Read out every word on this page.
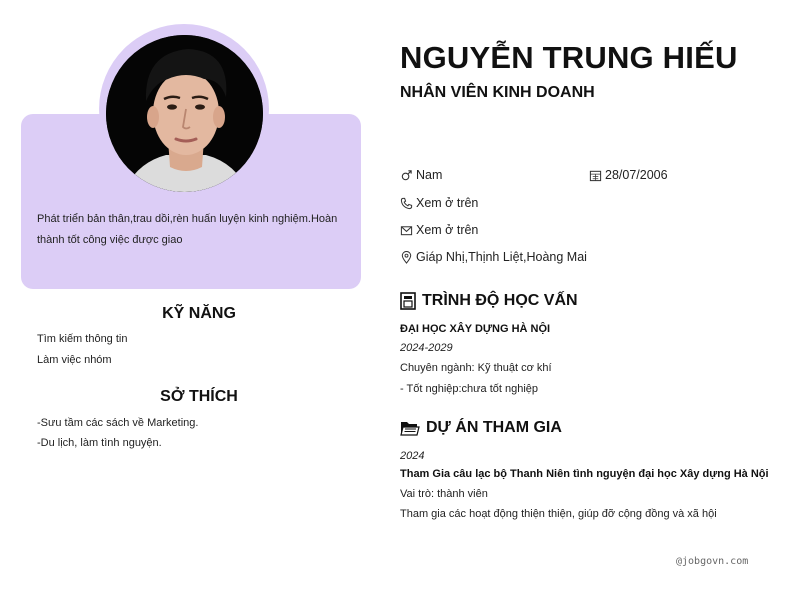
Phát triển bản thân,trau dồi,rèn huấn luyện kinh nghiệm.Hoàn thành tốt công việc được giao
KỸ NĂNG
Tìm kiếm thông tin
Làm việc nhóm
SỞ THÍCH
-Sưu tầm các sách về Marketing.
-Du lịch, làm tình nguyện.
NGUYỄN TRUNG HIẾU
NHÂN VIÊN KINH DOANH
Nam	28/07/2006
Xem ở trên
Xem ở trên
Giáp Nhị,Thịnh Liệt,Hoàng Mai
TRÌNH ĐỘ HỌC VẤN
ĐẠI HỌC XÂY DỰNG HÀ NỘI
2024-2029
Chuyên ngành: Kỹ thuật cơ khí
- Tốt nghiệp:chưa tốt nghiệp
DỰ ÁN THAM GIA
2024
Tham Gia câu lạc bộ Thanh Niên tình nguyện đại học Xây dựng Hà Nội
Vai trò: thành viên
Tham gia các hoạt động thiện thiện, giúp đỡ cộng đồng và xã hội
@jobgovn.com
